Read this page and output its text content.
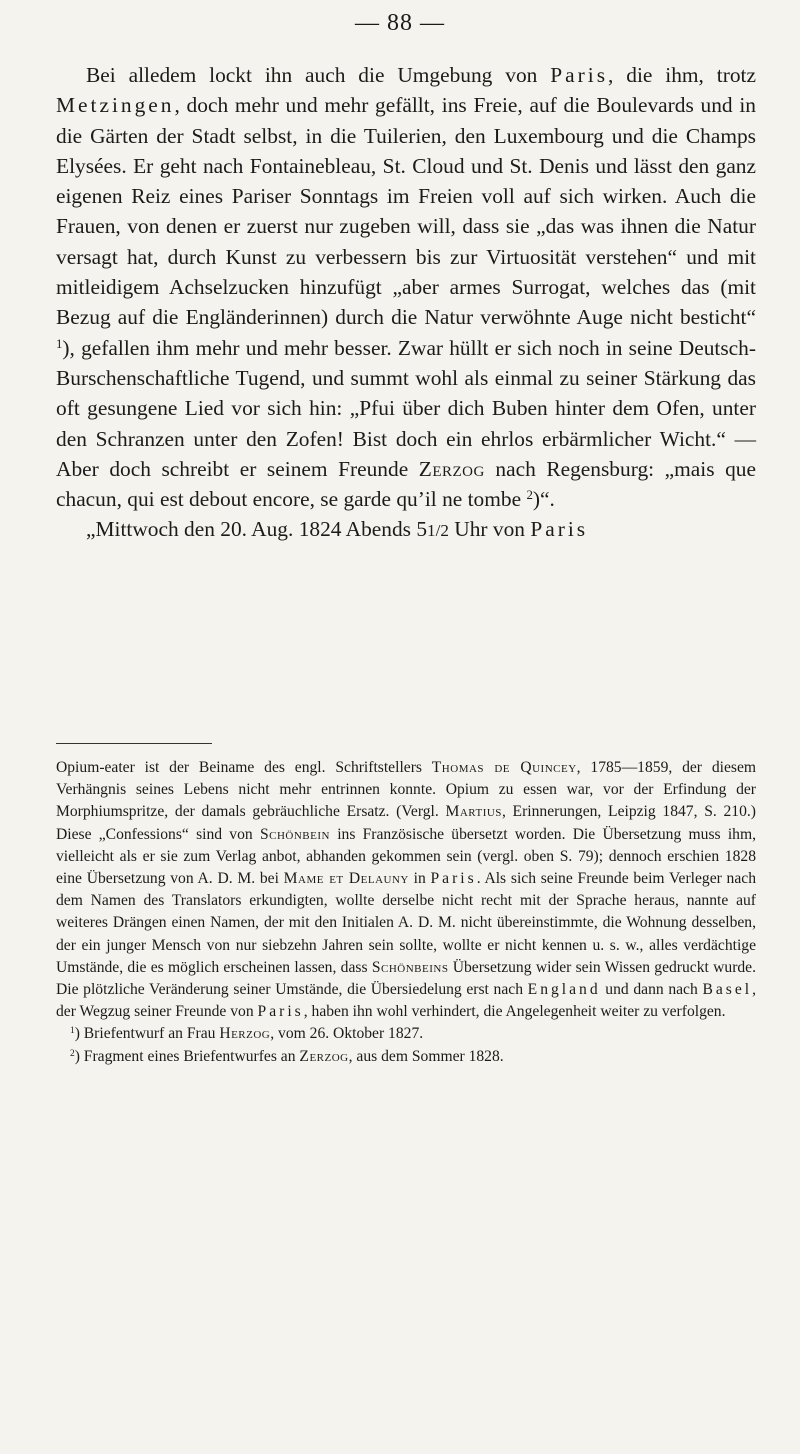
— 88 —

Bei alledem lockt ihn auch die Umgebung von Paris, die ihm, trotz Metzingen, doch mehr und mehr gefällt, ins Freie, auf die Boulevards und in die Gärten der Stadt selbst, in die Tuilerien, den Luxembourg und die Champs Elysées. Er geht nach Fontainebleau, St. Cloud und St. Denis und lässt den ganz eigenen Reiz eines Pariser Sonntags im Freien voll auf sich wirken. Auch die Frauen, von denen er zuerst nur zugeben will, dass sie „das was ihnen die Natur versagt hat, durch Kunst zu verbessern bis zur Virtuosität verstehen“ und mit mitleidigem Achselzucken hinzufügt „aber armes Surrogat, welches das (mit Bezug auf die Engländerinnen) durch die Natur verwöhnte Auge nicht besticht“ $^1$), gefallen ihm mehr und mehr besser. Zwar hüllt er sich noch in seine Deutsch-Burschenschaftliche Tugend, und summt wohl als einmal zu seiner Stärkung das oft gesungene Lied vor sich hin: „Pfui über dich Buben hinter dem Ofen, unter den Schranzen unter den Zofen! Bist doch ein ehrlos erbärmlicher Wicht.“ — Aber doch schreibt er seinem Freunde Zerzog nach Regensburg: „mais que chacun, qui est debout encore, se garde qu’il ne tombe $^2$)“.

„Mittwoch den 20. Aug. 1824 Abends 51/2 Uhr von Paris

Opium-eater ist der Beiname des engl. Schriftstellers Thomas de Quincey, 1785—1859, der diesem Verhängnis seines Lebens nicht mehr entrinnen konnte. Opium zu essen war, vor der Erfindung der Morphiumspritze, der damals gebräuchliche Ersatz. (Vergl. Martius, Erinnerungen, Leipzig 1847, S. 210.) Diese „Confessions“ sind von Schönbein ins Französische übersetzt worden. Die Übersetzung muss ihm, vielleicht als er sie zum Verlag anbot, abhanden gekommen sein (vergl. oben S. 79); dennoch erschien 1828 eine Übersetzung von A. D. M. bei Mame et Delauny in Paris. Als sich seine Freunde beim Verleger nach dem Namen des Translators erkundigten, wollte derselbe nicht recht mit der Sprache heraus, nannte auf weiteres Drängen einen Namen, der mit den Initialen A. D. M. nicht übereinstimmte, die Wohnung desselben, der ein junger Mensch von nur siebzehn Jahren sein sollte, wollte er nicht kennen u. s. w., alles verdächtige Umstände, die es möglich erscheinen lassen, dass Schönbeins Übersetzung wider sein Wissen gedruckt wurde. Die plötzliche Veränderung seiner Umstände, die Übersiedelung erst nach England und dann nach Basel, der Wegzug seiner Freunde von Paris, haben ihn wohl verhindert, die Angelegenheit weiter zu verfolgen.

$^1$) Briefentwurf an Frau Herzog, vom 26. Oktober 1827.

$^2$) Fragment eines Briefentwurfes an Zerzog, aus dem Sommer 1828.
